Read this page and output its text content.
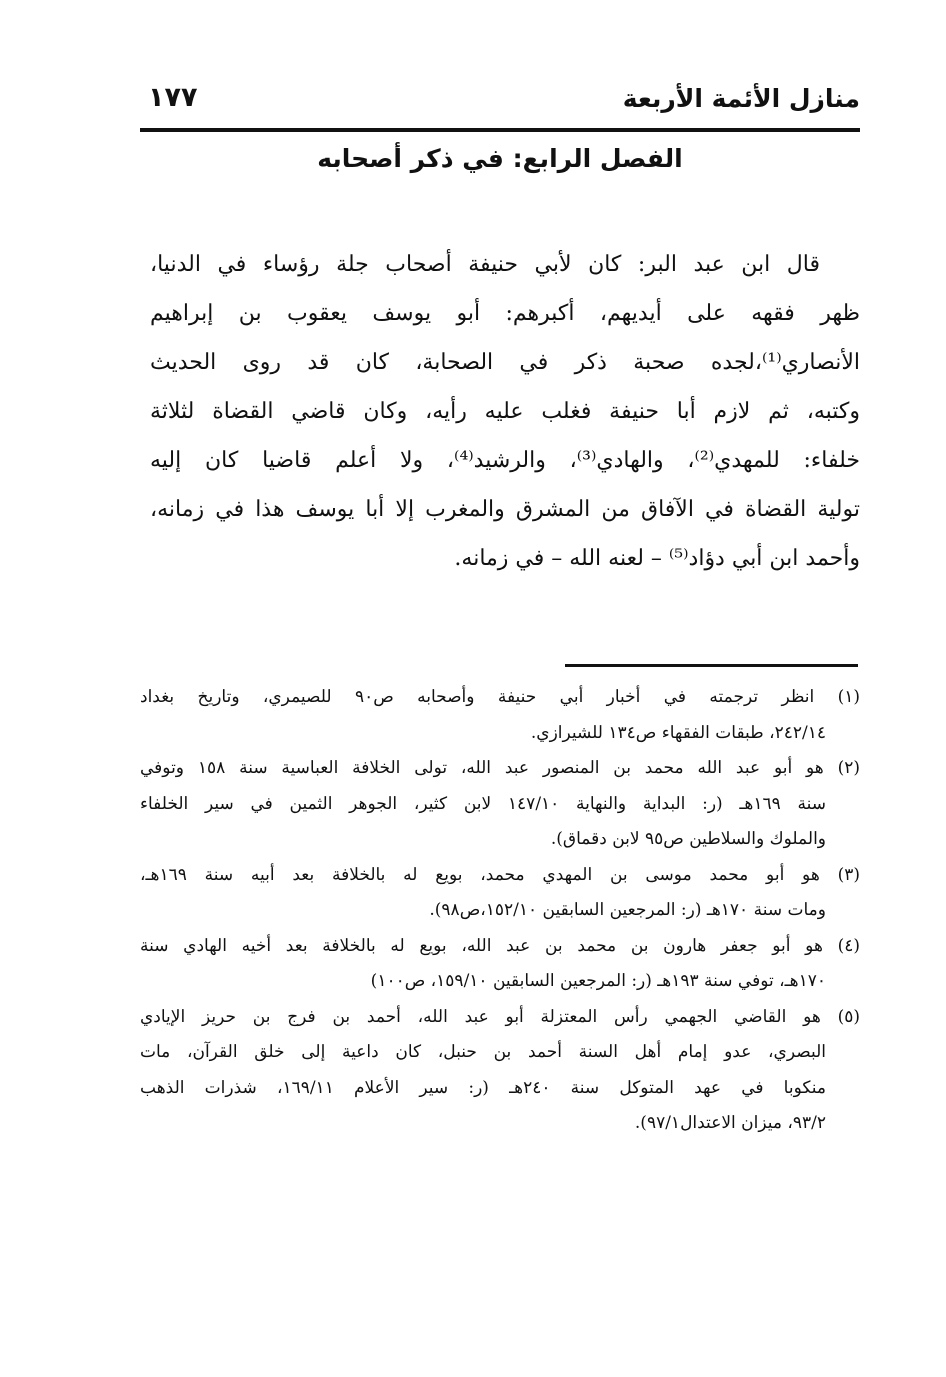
منازل الأئمة الأربعة
١٧٧
الفصل الرابع: في ذكر أصحابه
قال ابن عبد البر: كان لأبي حنيفة أصحاب جلة رؤساء في الدنيا،
ظهر فقهه على أيديهم، أكبرهم: أبو يوسف يعقوب بن إبراهيم
الأنصاري⁽¹⁾،لجده صحبة ذكر في الصحابة، كان قد روى الحديث
وكتبه، ثم لازم أبا حنيفة فغلب عليه رأيه، وكان قاضي القضاة لثلاثة
خلفاء: للمهدي⁽²⁾، والهادي⁽³⁾، والرشيد⁽⁴⁾، ولا أعلم قاضيا كان إليه
تولية القضاة في الآفاق من المشرق والمغرب إلا أبا يوسف هذا في زمانه،
وأحمد ابن أبي دؤاد⁽⁵⁾ – لعنه الله – في زمانه.
(١) انظر ترجمته في أخبار أبي حنيفة وأصحابه ص٩٠ للصيمري، وتاريخ بغداد
٢٤٢/١٤، طبقات الفقهاء ص١٣٤ للشيرازي.
(٢) هو أبو عبد الله محمد بن المنصور عبد الله، تولى الخلافة العباسية سنة ١٥٨ وتوفي
سنة ١٦٩هـ (ر: البداية والنهاية ١٤٧/١٠ لابن كثير، الجوهر الثمين في سير الخلفاء
والملوك والسلاطين ص٩٥ لابن دقماق).
(٣) هو أبو محمد موسى بن المهدي محمد، بويع له بالخلافة بعد أبيه سنة ١٦٩هـ،
ومات سنة ١٧٠هـ (ر: المرجعين السابقين ١٥٢/١٠،ص٩٨).
(٤) هو أبو جعفر هارون بن محمد بن عبد الله، بويع له بالخلافة بعد أخيه الهادي سنة
١٧٠هـ، توفي سنة ١٩٣هـ (ر: المرجعين السابقين ١٥٩/١٠، ص١٠٠)
(٥) هو القاضي الجهمي رأس المعتزلة أبو عبد الله، أحمد بن فرج بن حريز الإيادي
البصري، عدو إمام أهل السنة أحمد بن حنبل، كان داعية إلى خلق القرآن، مات
منكوبا في عهد المتوكل سنة ٢٤٠هـ (ر: سير الأعلام ١٦٩/١١، شذرات الذهب
٩٣/٢، ميزان الاعتدال٩٧/١).
